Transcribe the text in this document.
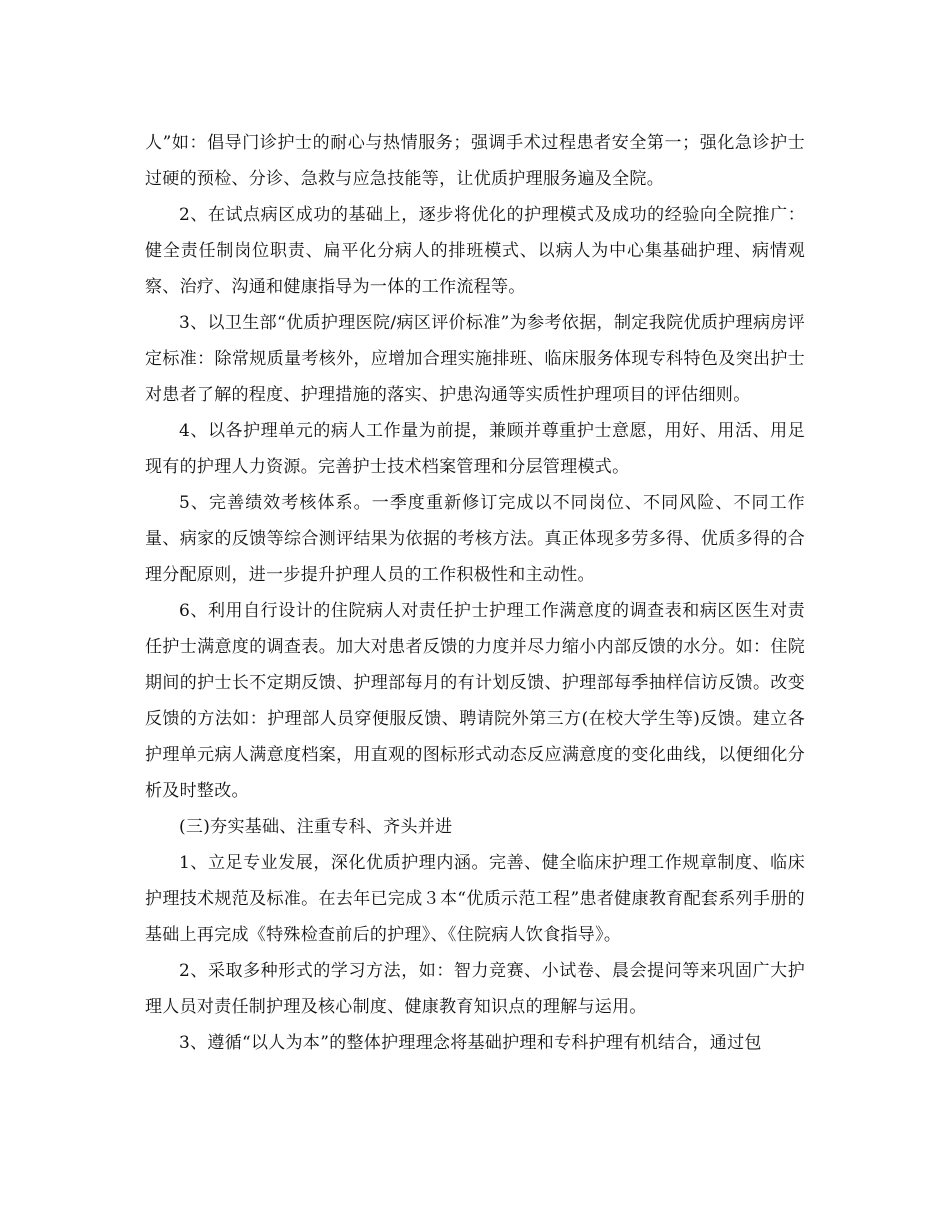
人”如：倡导门诊护士的耐心与热情服务；强调手术过程患者安全第一；强化急诊护士过硬的预检、分诊、急救与应急技能等，让优质护理服务遍及全院。

2、在试点病区成功的基础上，逐步将优化的护理模式及成功的经验向全院推广：健全责任制岗位职责、扁平化分病人的排班模式、以病人为中心集基础护理、病情观察、治疗、沟通和健康指导为一体的工作流程等。

3、以卫生部“优质护理医院/病区评价标准”为参考依据，制定我院优质护理病房评定标准：除常规质量考核外，应增加合理实施排班、临床服务体现专科特色及突出护士对患者了解的程度、护理措施的落实、护患沟通等实质性护理项目的评估细则。

4、以各护理单元的病人工作量为前提，兼顾并尊重护士意愿，用好、用活、用足现有的护理人力资源。完善护士技术档案管理和分层管理模式。

5、完善绩效考核体系。一季度重新修订完成以不同岗位、不同风险、不同工作量、病家的反馈等综合测评结果为依据的考核方法。真正体现多劳多得、优质多得的合理分配原则，进一步提升护理人员的工作积极性和主动性。

6、利用自行设计的住院病人对责任护士护理工作满意度的调查表和病区医生对责任护士满意度的调查表。加大对患者反馈的力度并尽力缩小内部反馈的水分。如：住院期间的护士长不定期反馈、护理部每月的有计划反馈、护理部每季抽样信访反馈。改变反馈的方法如：护理部人员穿便服反馈、聘请院外第三方(在校大学生等)反馈。建立各护理单元病人满意度档案，用直观的图标形式动态反应满意度的变化曲线，以便细化分析及时整改。

(三)夯实基础、注重专科、齐头并进

1、立足专业发展，深化优质护理内涵。完善、健全临床护理工作规章制度、临床护理技术规范及标准。在去年已完成３本“优质示范工程”患者健康教育配套系列手册的基础上再完成《特殊检查前后的护理》、《住院病人饮食指导》。

2、采取多种形式的学习方法，如：智力竞赛、小试卷、晨会提问等来巩固广大护理人员对责任制护理及核心制度、健康教育知识点的理解与运用。

3、遵循“以人为本”的整体护理理念将基础护理和专科护理有机结合，通过包
